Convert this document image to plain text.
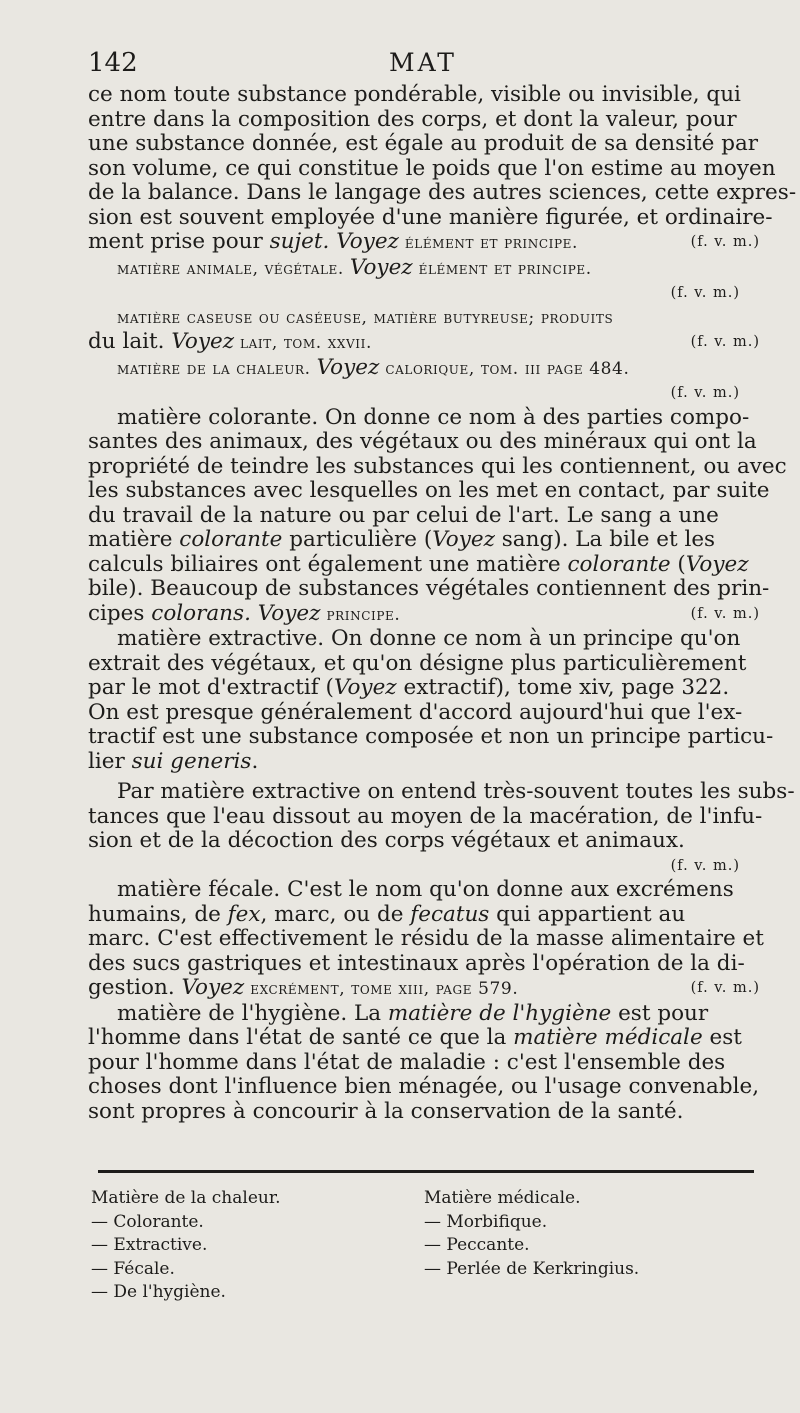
142	MAT
ce nom toute substance pondérable, visible ou invisible, qui
entre dans la composition des corps, et dont la valeur, pour
une substance donnée, est égale au produit de sa densité par
son volume, ce qui constitue le poids que l'on estime au moyen
de la balance. Dans le langage des autres sciences, cette expres-
sion est souvent employée d'une manière figurée, et ordinaire-
ment prise pour sujet. Voyez élément et principe.	(f. v. m.)
matière animale, végétale. Voyez élément et principe.
(f. v. m.)
matière caseuse ou caséeuse, matière butyreuse; produits
du lait. Voyez lait, tom. xxvii.	(f. v. m.)
matière de la chaleur. Voyez calorique, tom. iii page 484.
(f. v. m.)
matière colorante. On donne ce nom à des parties compo-
santes des animaux, des végétaux ou des minéraux qui ont la
propriété de teindre les substances qui les contiennent, ou avec
les substances avec lesquelles on les met en contact, par suite
du travail de la nature ou par celui de l'art. Le sang a une
matière colorante particulière (Voyez sang). La bile et les
calculs biliaires ont également une matière colorante (Voyez
bile). Beaucoup de substances végétales contiennent des prin-
cipes colorans. Voyez principe.	(f. v. m.)
matière extractive. On donne ce nom à un principe qu'on
extrait des végétaux, et qu'on désigne plus particulièrement
par le mot d'extractif (Voyez extractif), tome xiv, page 322.
On est presque généralement d'accord aujourd'hui que l'ex-
tractif est une substance composée et non un principe particu-
lier sui generis.
Par matière extractive on entend très-souvent toutes les subs-
tances que l'eau dissout au moyen de la macération, de l'infu-
sion et de la décoction des corps végétaux et animaux.
(f. v. m.)
matière fécale. C'est le nom qu'on donne aux excrémens
humains, de fex, marc, ou de fecatus qui appartient au
marc. C'est effectivement le résidu de la masse alimentaire et
des sucs gastriques et intestinaux après l'opération de la di-
gestion. Voyez excrément, tome xiii, page 579.	(f. v. m.)
matière de l'hygiène. La matière de l'hygiène est pour
l'homme dans l'état de santé ce que la matière médicale est
pour l'homme dans l'état de maladie : c'est l'ensemble des
choses dont l'influence bien ménagée, ou l'usage convenable,
sont propres à concourir à la conservation de la santé.
Matière de la chaleur.
— Colorante.
— Extractive.
— Fécale.
— De l'hygiène.
Matière médicale.
— Morbifique.
— Peccante.
— Perlée de Kerkringius.
